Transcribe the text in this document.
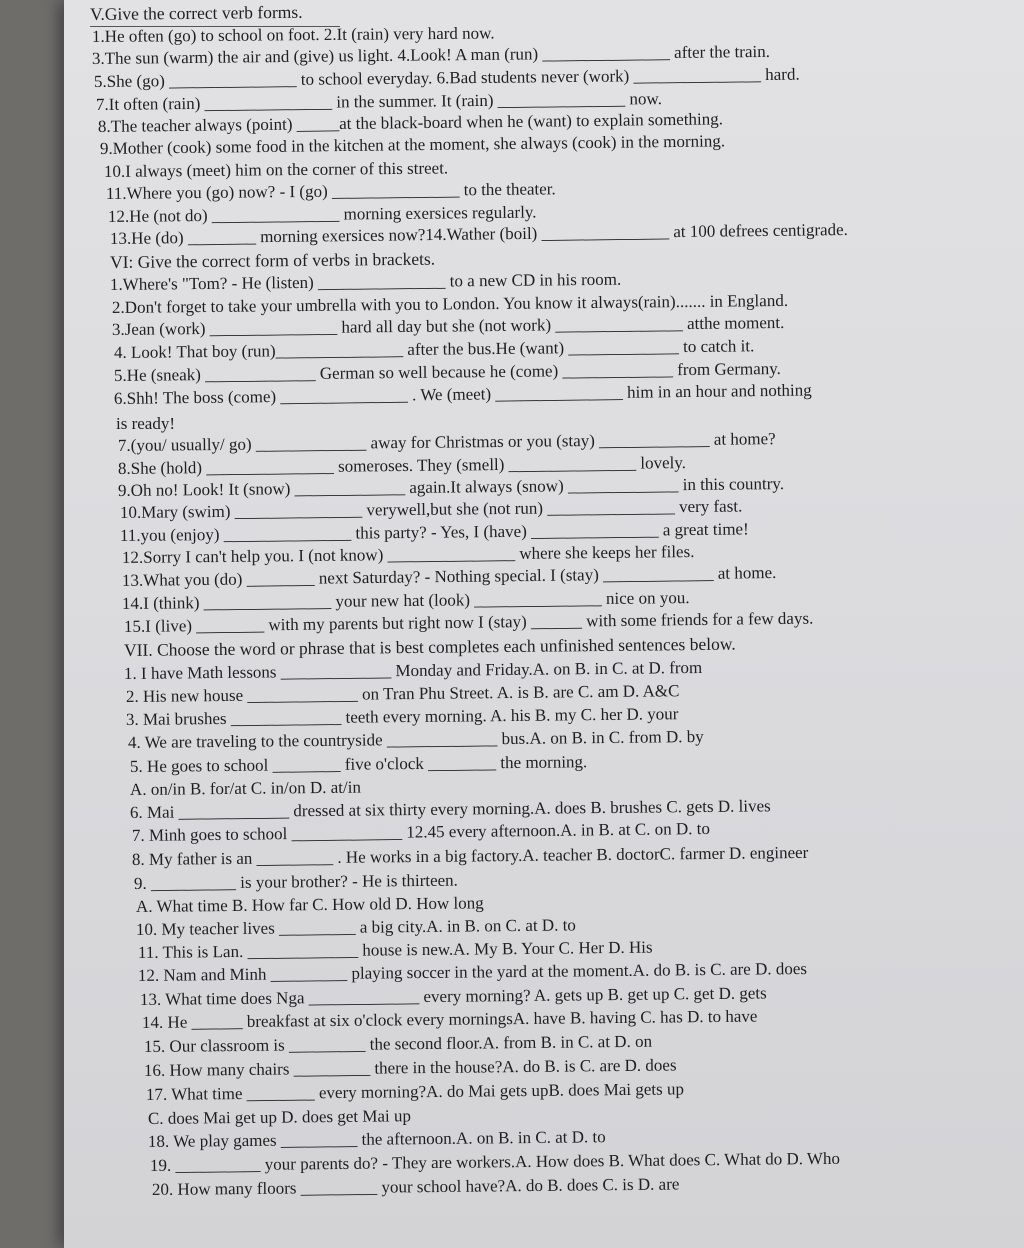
V.Give the correct verb forms.
1.He often (go) to school on foot. 2.It (rain) very hard now.
3.The sun (warm) the air and (give) us light. 4.Look! A man (run) _______________ after the train.
5.She (go) _______________ to school everyday. 6.Bad students never (work) _______________ hard.
7.It often (rain) _______________ in the summer. It (rain) _______________ now.
8.The teacher always (point) _____at the black-board when he (want) to explain something.
9.Mother (cook) some food in the kitchen at the moment, she always (cook) in the morning.
10.I always (meet) him on the corner of this street.
11.Where you (go) now? - I (go) _______________ to the theater.
12.He (not do) _______________ morning exersices regularly.
13.He (do) ________ morning exersices now?14.Wather (boil) _______________ at 100 defrees centigrade.
VI: Give the correct form of verbs in brackets.
1.Where's "Tom? - He (listen) _______________ to a new CD in his room.
2.Don't forget to take your umbrella with you to London. You know it always(rain)....... in England.
3.Jean (work) _______________ hard all day but she (not work) _______________ atthe moment.
4. Look! That boy (run)_______________ after the bus.He (want) _____________ to catch it.
5.He (sneak) _____________ German so well because he (come) _____________ from Germany.
6.Shh! The boss (come) _______________ . We (meet) _______________ him in an hour and nothing
is ready!
7.(you/ usually/ go) _____________ away for Christmas or you (stay) _____________ at home?
8.She (hold) _______________ someroses. They (smell) _______________ lovely.
9.Oh no! Look! It (snow) _____________ again.It always (snow) _____________ in this country.
10.Mary (swim) _______________ verywell,but she (not run) _______________ very fast.
11.you (enjoy) _______________ this party? - Yes, I (have) _______________ a great time!
12.Sorry I can't help you. I (not know) _______________ where she keeps her files.
13.What you (do) ________ next Saturday? - Nothing special. I (stay) _____________ at home.
14.I (think) _______________ your new hat (look) _______________ nice on you.
15.I (live) ________ with my parents but right now I (stay) ______ with some friends for a few days.
VII. Choose the word or phrase that is best completes each unfinished sentences below.
1. I have Math lessons _____________ Monday and Friday.A. on B. in C. at D. from
2. His new house _____________ on Tran Phu Street. A. is B. are C. am D. A&C
3. Mai brushes _____________ teeth every morning. A. his B. my C. her D. your
4. We are traveling to the countryside _____________ bus.A. on B. in C. from D. by
5. He goes to school ________ five o'clock ________ the morning.
A. on/in B. for/at C. in/on D. at/in
6. Mai _____________ dressed at six thirty every morning.A. does B. brushes C. gets D. lives
7. Minh goes to school _____________ 12.45 every afternoon.A. in B. at C. on D. to
8. My father is an _________ . He works in a big factory.A. teacher B. doctorC. farmer D. engineer
9. __________ is your brother? - He is thirteen.
A. What time B. How far C. How old D. How long
10. My teacher lives _________ a big city.A. in B. on C. at D. to
11. This is Lan. _____________ house is new.A. My B. Your C. Her D. His
12. Nam and Minh _________ playing soccer in the yard at the moment.A. do B. is C. are D. does
13. What time does Nga _____________ every morning? A. gets up B. get up C. get D. gets
14. He ______ breakfast at six o'clock every morningsA. have B. having C. has D. to have
15. Our classroom is _________ the second floor.A. from B. in C. at D. on
16. How many chairs _________ there in the house?A. do B. is C. are D. does
17. What time ________ every morning?A. do Mai gets upB. does Mai gets up
C. does Mai get up D. does get Mai up
18. We play games _________ the afternoon.A. on B. in C. at D. to
19. __________ your parents do? - They are workers.A. How does B. What does C. What do D. Who
20. How many floors _________ your school have?A. do B. does C. is D. are
